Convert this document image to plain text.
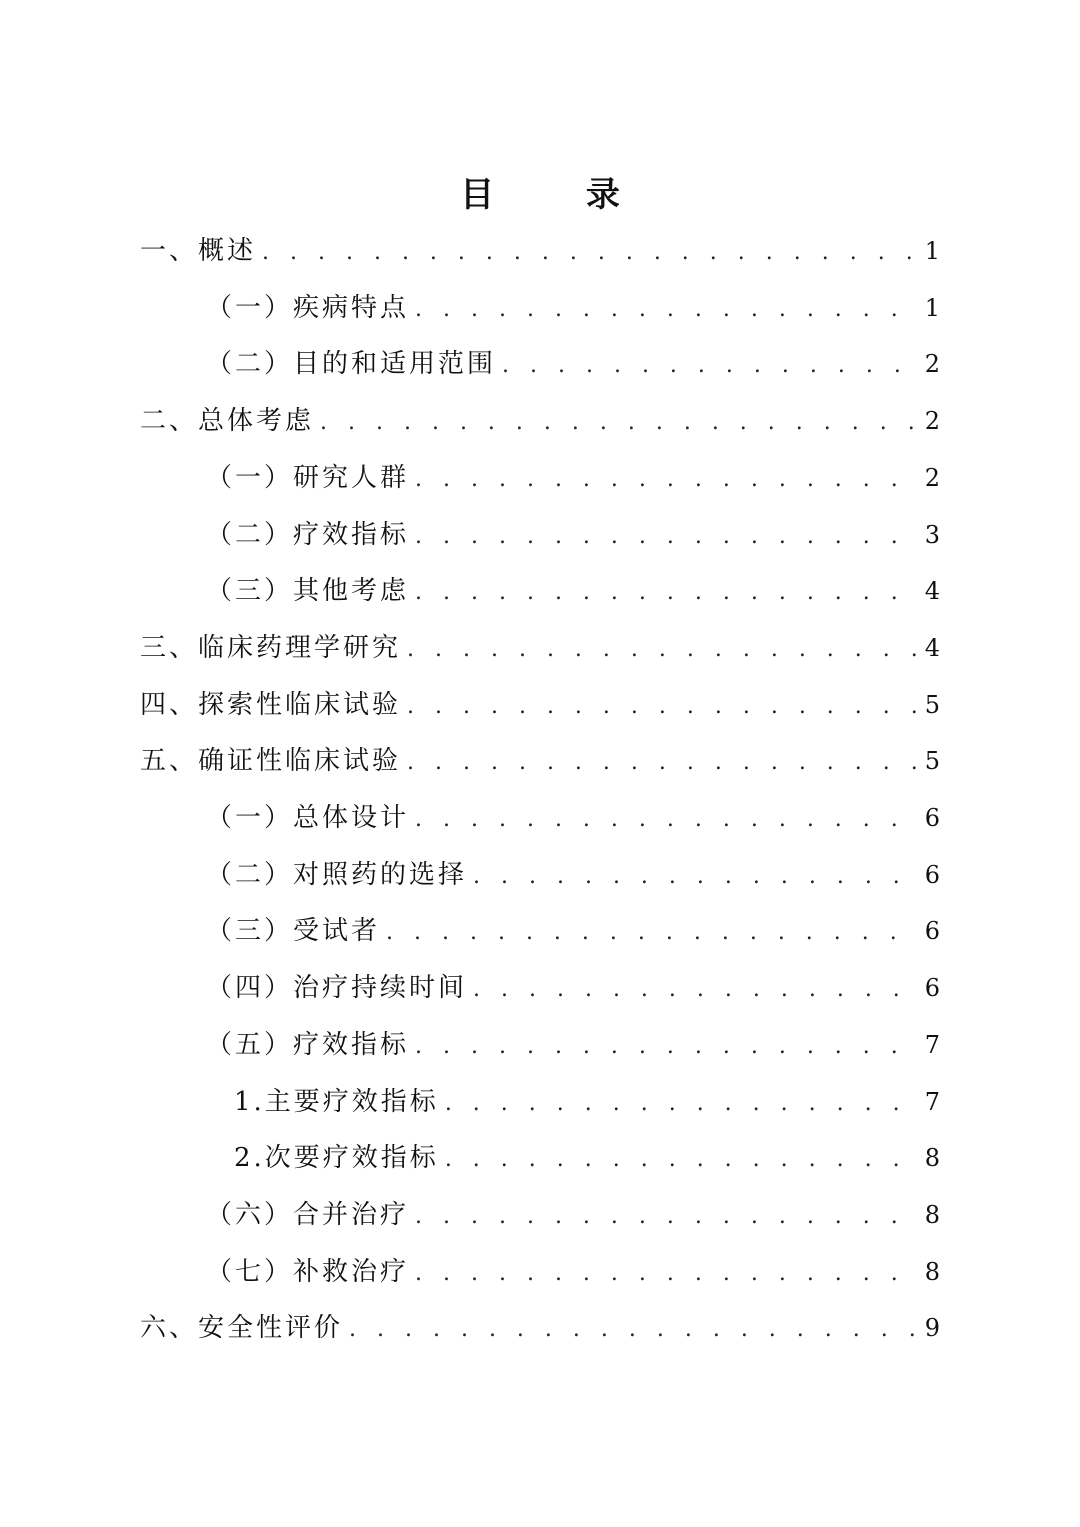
目 录
一、概述 . . .	1
（一）疾病特点 . . .	1
（二）目的和适用范围 . . .	2
二、总体考虑 . . .	2
（一）研究人群 . . .	2
（二）疗效指标 . . .	3
（三）其他考虑 . . .	4
三、临床药理学研究 . . .	4
四、探索性临床试验 . . .	5
五、确证性临床试验 . . .	5
（一）总体设计 . . .	6
（二）对照药的选择 . . .	6
（三）受试者 . . .	6
（四）治疗持续时间 . . .	6
（五）疗效指标 . . .	7
1.主要疗效指标 . . .	7
2.次要疗效指标 . . .	8
（六）合并治疗 . . .	8
（七）补救治疗 . . .	8
六、安全性评价 . . .	9
